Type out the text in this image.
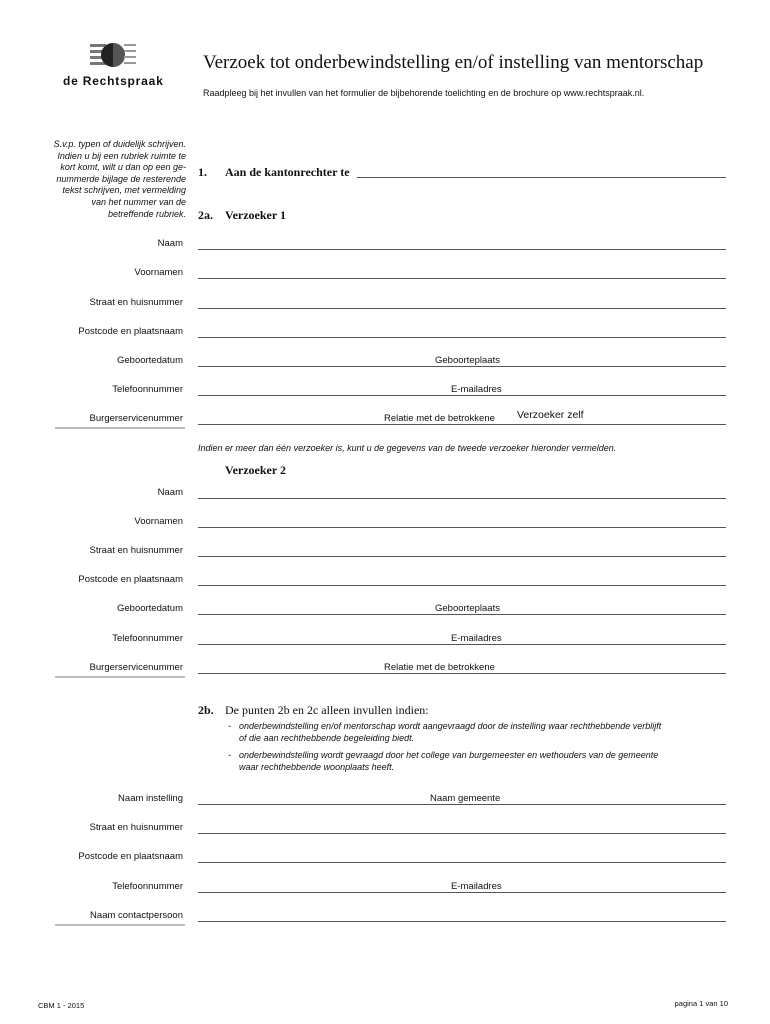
de Rechtspraak
Verzoek tot onderbewindstelling en/of instelling van mentorschap
Raadpleeg bij het invullen van het formulier de bijbehorende toelichting en de brochure op www.rechtspraak.nl.
S.v.p. typen of duidelijk schrijven.
Indien u bij een rubriek ruimte te
kort komt, wilt u dan op een ge-
nummerde bijlage de resterende
tekst schrijven, met vermelding
van het nummer van de
betreffende rubriek.
1. Aan de kantonrechter te
2a. Verzoeker 1
Naam
Voornamen
Straat en huisnummer
Postcode en plaatsnaam
Geboortedatum	Geboorteplaats
Telefoonnummer	E-mailadres
Burgerservicenummer	Relatie met de betrokkene Verzoeker zelf
Indien er meer dan één verzoeker is, kunt u de gegevens van de tweede verzoeker hieronder vermelden.
Verzoeker 2
Naam
Voornamen
Straat en huisnummer
Postcode en plaatsnaam
Geboortedatum	Geboorteplaats
Telefoonnummer	E-mailadres
Burgerservicenummer	Relatie met de betrokkene
2b. De punten 2b en 2c alleen invullen indien:
- onderbewindstelling en/of mentorschap wordt aangevraagd door de instelling waar rechthebbende verblijft
of die aan rechthebbende begeleiding biedt.
- onderbewindstelling wordt gevraagd door het college van burgemeester en wethouders van de gemeente
waar rechthebbende woonplaats heeft.
Naam instelling	Naam gemeente
Straat en huisnummer
Postcode en plaatsnaam
Telefoonnummer	E-mailadres
Naam contactpersoon
CBM 1 - 2015	pagina 1 van 10
